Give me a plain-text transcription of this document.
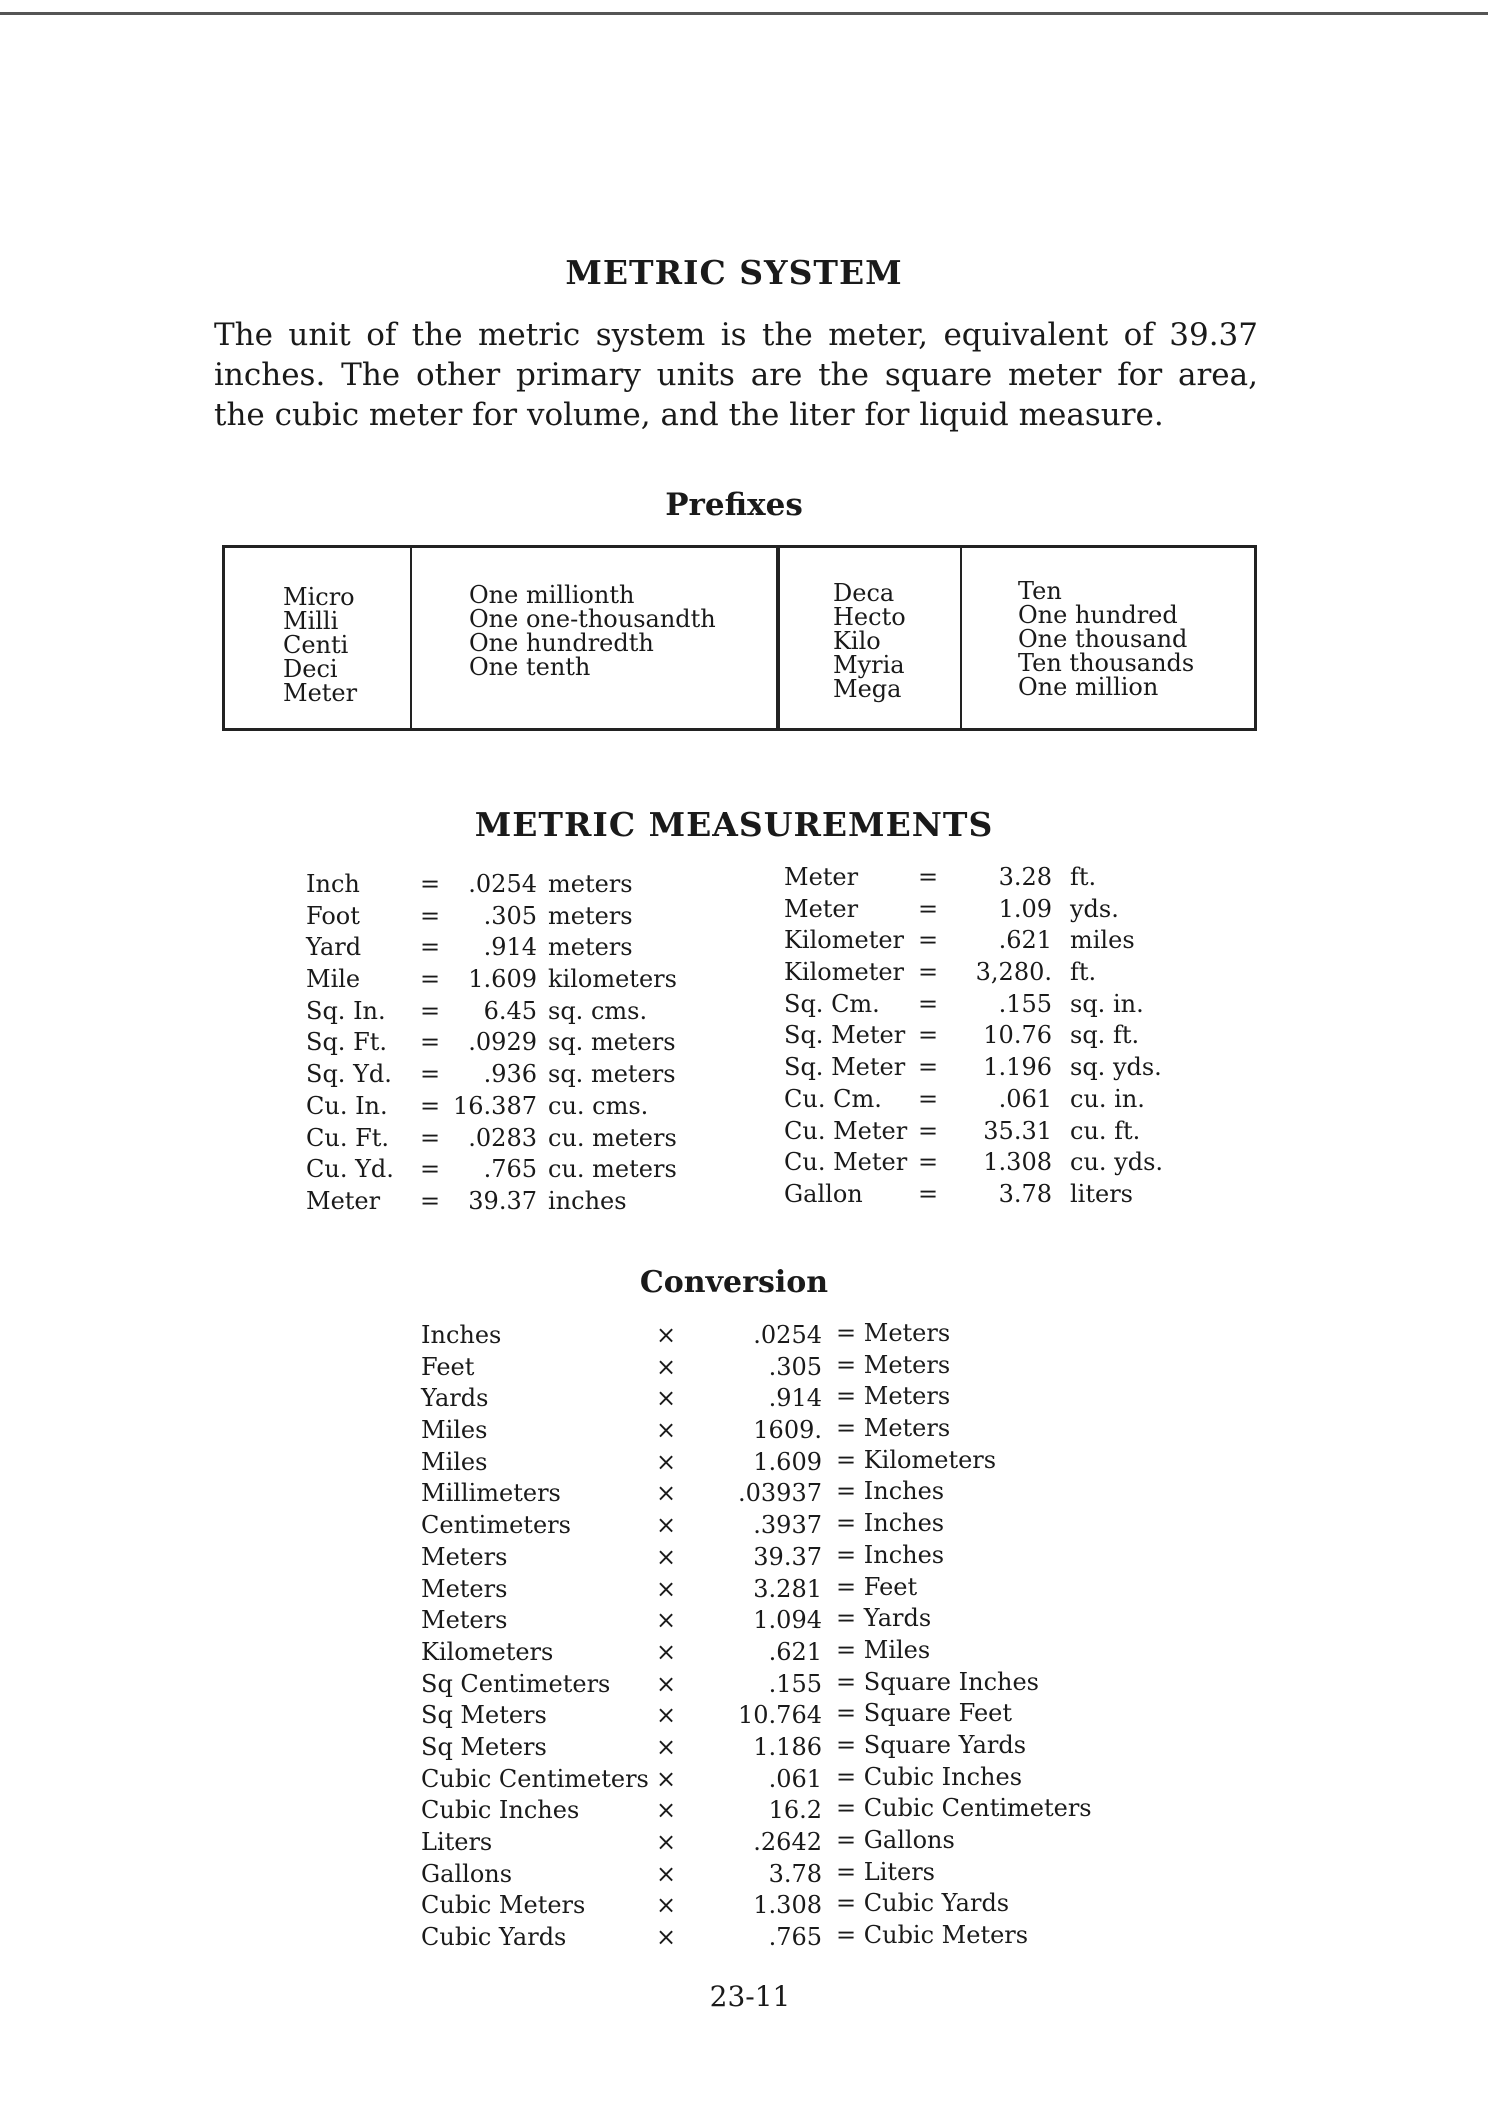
METRIC SYSTEM
The unit of the metric system is the meter, equivalent of 39.37 inches. The other primary units are the square meter for area, the cubic meter for volume, and the liter for liquid measure.
Prefixes
Micro
Milli
Centi
Deci
Meter
One millionth
One one-thousandth
One hundredth
One tenth
Deca
Hecto
Kilo
Myria
Mega
Ten
One hundred
One thousand
Ten thousands
One million
METRIC MEASUREMENTS
Inch
Foot
Yard
Mile
Sq. In.
Sq. Ft.
Sq. Yd.
Cu. In.
Cu. Ft.
Cu. Yd.
Meter
=
=
=
=
=
=
=
=
=
=
=
.0254
.305
.914
1.609
6.45
.0929
.936
16.387
.0283
.765
39.37
meters
meters
meters
kilometers
sq. cms.
sq. meters
sq. meters
cu. cms.
cu. meters
cu. meters
inches
Meter
Meter
Kilometer
Kilometer
Sq. Cm.
Sq. Meter
Sq. Meter
Cu. Cm.
Cu. Meter
Cu. Meter
Gallon
=
=
=
=
=
=
=
=
=
=
=
3.28
1.09
.621
3,280.
.155
10.76
1.196
.061
35.31
1.308
3.78
ft.
yds.
miles
ft.
sq. in.
sq. ft.
sq. yds.
cu. in.
cu. ft.
cu. yds.
liters
Conversion
Inches
Feet
Yards
Miles
Miles
Millimeters
Centimeters
Meters
Meters
Meters
Kilometers
Sq Centimeters
Sq Meters
Sq Meters
Cubic Centimeters
Cubic Inches
Liters
Gallons
Cubic Meters
Cubic Yards
×
×
×
×
×
×
×
×
×
×
×
×
×
×
×
×
×
×
×
×
.0254
.305
.914
1609.
1.609
.03937
.3937
39.37
3.281
1.094
.621
.155
10.764
1.186
.061
16.2
.2642
3.78
1.308
.765
= Meters
= Meters
= Meters
= Meters
= Kilometers
= Inches
= Inches
= Inches
= Feet
= Yards
= Miles
= Square Inches
= Square Feet
= Square Yards
= Cubic Inches
= Cubic Centimeters
= Gallons
= Liters
= Cubic Yards
= Cubic Meters
23-11
